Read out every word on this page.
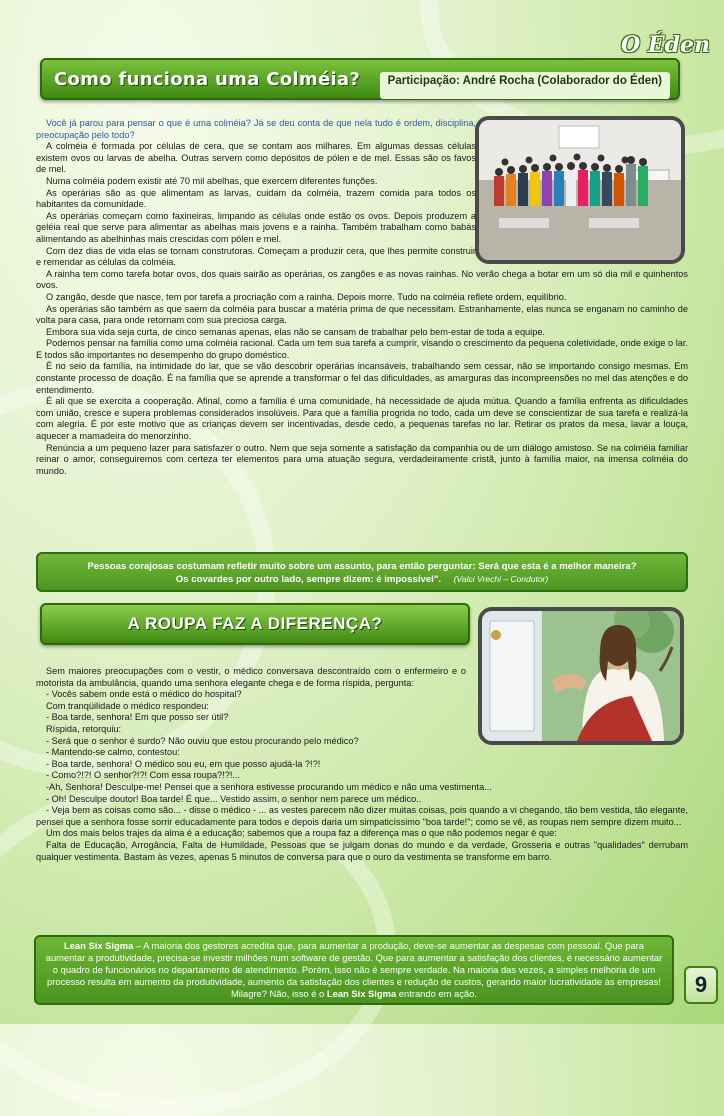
O Éden
Como funciona uma Colméia?	Participação: André Rocha (Colaborador do Éden)

Você já parou para pensar o que é uma colméia? Já se deu conta de que nela tudo é ordem, disciplina, preocupação pelo todo?

A colméia é formada por células de cera, que se contam aos milhares. Em algumas dessas células existem ovos ou larvas de abelha. Outras servem como depósitos de pólen e de mel. Essas são os favos de mel.

Numa colméia podem existir até 70 mil abelhas, que exercem diferentes funções.

As operárias são as que alimentam as larvas, cuidam da colméia, trazem comida para todos os habitantes da comunidade.

As operárias começam como faxineiras, limpando as células onde estão os ovos. Depois produzem a geléia real que serve para alimentar as abelhas mais jovens e a rainha. Também trabalham como babás alimentando as abelhinhas mais crescidas com pólen e mel.

Com dez dias de vida elas se tornam construtoras. Começam a produzir cera, que lhes permite construir e remendar as células da colméia.

A rainha tem como tarefa botar ovos, dos quais sairão as operárias, os zangões e as novas rainhas. No verão chega a botar em um só dia mil e quinhentos ovos.

O zangão, desde que nasce, tem por tarefa a procriação com a rainha. Depois morre. Tudo na colméia reflete ordem, equilíbrio.

As operárias são também as que saem da colméia para buscar a matéria prima de que necessitam. Estranhamente, elas nunca se enganam no caminho de volta para casa, para onde retornam com sua preciosa carga.

Embora sua vida seja curta, de cinco semanas apenas, elas não se cansam de trabalhar pelo bem-estar de toda a equipe.

Podemos pensar na família como uma colméia racional. Cada um tem sua tarefa a cumprir, visando o crescimento da pequena coletividade, onde exige o lar. E todos são importantes no desempenho do grupo doméstico.

É no seio da família, na intimidade do lar, que se vão descobrir operárias incansáveis, trabalhando sem cessar, não se importando consigo mesmas. Em constante processo de doação. É na família que se aprende a transformar o fel das dificuldades, as amarguras das incompreensões no mel das atenções e do entendimento.

É ali que se exercita a cooperação. Afinal, como a família é uma comunidade, há necessidade de ajuda mútua. Quando a família enfrenta as dificuldades com união, cresce e supera problemas considerados insolúveis. Para que a família progrida no todo, cada um deve se conscientizar de sua tarefa e realizá-la com alegria. É por este motivo que as crianças devem ser incentivadas, desde cedo, a pequenas tarefas no lar. Retirar os pratos da mesa, lavar a louça, aquecer a mamadeira do menorzinho.

Renúncia a um pequeno lazer para satisfazer o outro. Nem que seja somente a satisfação da companhia ou de um diálogo amistoso. Se na colméia familiar reinar o amor, conseguiremos com certeza ter elementos para uma atuação segura, verdadeiramente cristã, junto à família maior, na imensa colméia do mundo.

Pessoas corajosas costumam refletir muito sobre um assunto, para então perguntar: Será que esta é a melhor maneira?
Os covardes por outro lado, sempre dizem: é impossível". (Valci Vrechi – Condutor)
A ROUPA FAZ A DIFERENÇA?

Sem maiores preocupações com o vestir, o médico conversava descontraído com o enfermeiro e o motorista da ambulância, quando uma senhora elegante chega e de forma ríspida, pergunta:

- Vocês sabem onde está o médico do hospital?

Com tranqüilidade o médico respondeu:

- Boa tarde, senhora! Em que posso ser útil?

Ríspida, retorquiu:

- Será que o senhor é surdo? Não ouviu que estou procurando pelo médico?

- Mantendo-se calmo, contestou:

- Boa tarde, senhora! O médico sou eu, em que posso ajudá-la ?!?!

- Como?!?! O senhor?!?! Com essa roupa?!?!...

-Ah, Senhora! Desculpe-me! Pensei que a senhora estivesse procurando um médico e não uma vestimenta...

- Oh! Desculpe doutor! Boa tarde! É que... Vestido assim, o senhor nem parece um médico..

- Veja bem as coisas como são... - disse o médico - ... as vestes parecem não dizer muitas coisas, pois quando a vi chegando, tão bem vestida, tão elegante, pensei que a senhora fosse sorrir educadamente para todos e depois daria um simpaticíssimo "boa tarde!"; como se vê, as roupas nem sempre dizem muito...

Um dos mais belos trajes da alma é a educação; sabemos que a roupa faz a diferença mas o que não podemos negar é que:

Falta de Educação, Arrogância, Falta de Humildade, Pessoas que se julgam donas do mundo e da verdade, Grosseria e outras "qualidades" derrubam qualquer vestimenta. Bastam às vezes, apenas 5 minutos de conversa para que o ouro da vestimenta se transforme em barro.

Lean Six Sigma – A maioria dos gestores acredita que, para aumentar a produção, deve-se aumentar as despesas com pessoal. Que para aumentar a produtividade, precisa-se investir milhões num software de gestão. Que para aumentar a satisfação dos clientes, é necessário aumentar o quadro de funcionários no departamento de atendimento. Porém, isso não é sempre verdade. Na maioria das vezes, a simples melhoria de um processo resulta em aumento da produtividade, aumento da satisfação dos clientes e redução de custos, gerando maior lucratividade às empresas!
Milagre? Não, isso é o Lean Six Sigma entrando em ação.	9
